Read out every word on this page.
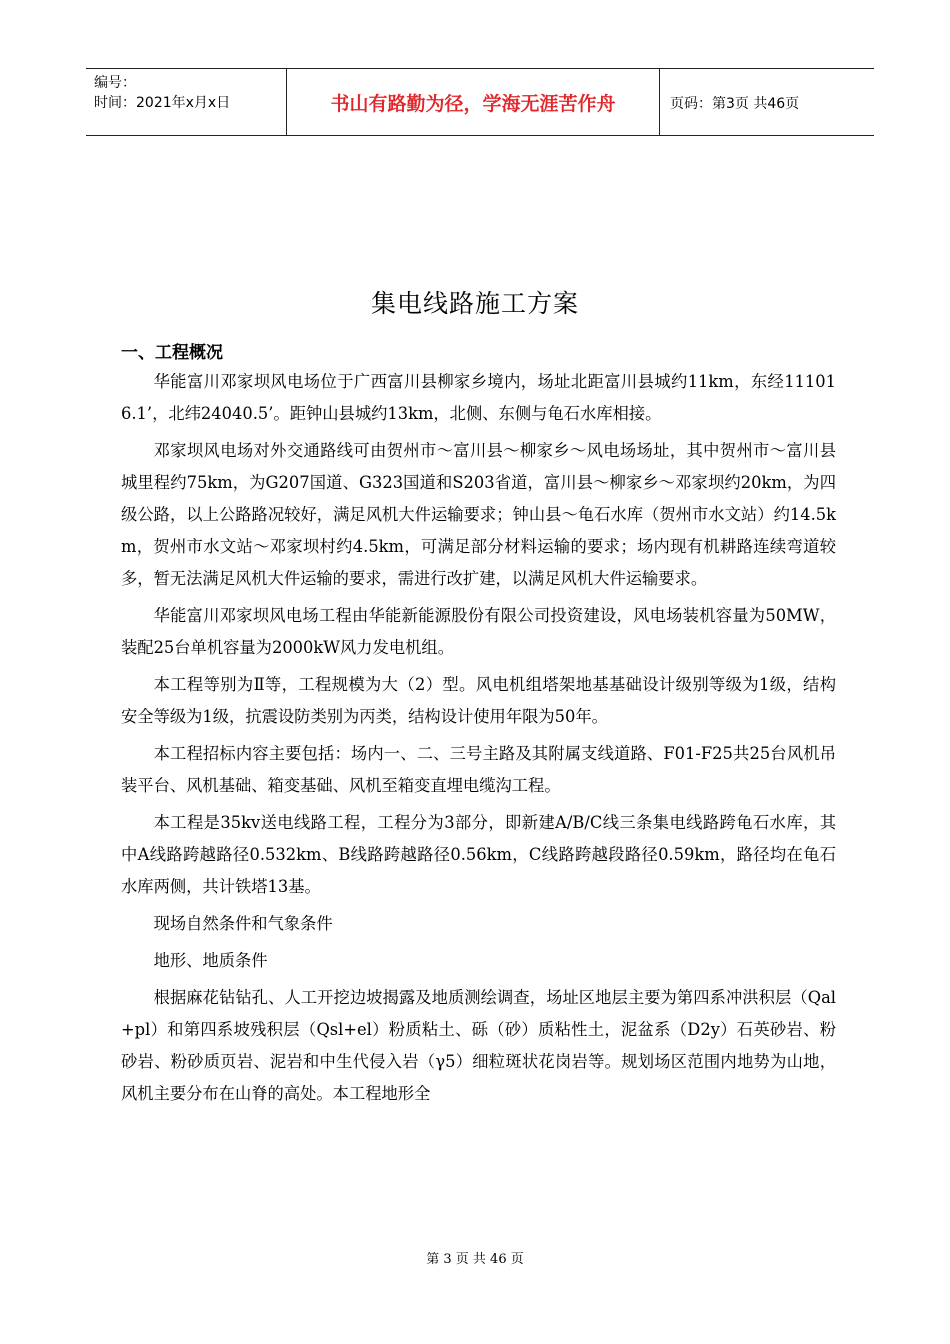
编号：
时间：2021年x月x日	书山有路勤为径，学海无涯苦作舟	页码：第3页 共46页
集电线路施工方案
一、工程概况

华能富川邓家坝风电场位于广西富川县柳家乡境内，场址北距富川县城约11km，东经111016.1’，北纬24040.5’。距钟山县城约13km，北侧、东侧与龟石水库相接。

邓家坝风电场对外交通路线可由贺州市～富川县～柳家乡～风电场场址，其中贺州市～富川县城里程约75km，为G207国道、G323国道和S203省道，富川县～柳家乡～邓家坝约20km，为四级公路，以上公路路况较好，满足风机大件运输要求；钟山县～龟石水库（贺州市水文站）约14.5km，贺州市水文站～邓家坝村约4.5km，可满足部分材料运输的要求；场内现有机耕路连续弯道较多，暂无法满足风机大件运输的要求，需进行改扩建，以满足风机大件运输要求。

华能富川邓家坝风电场工程由华能新能源股份有限公司投资建设，风电场装机容量为50MW，装配25台单机容量为2000kW风力发电机组。

本工程等别为Ⅱ等，工程规模为大（2）型。风电机组塔架地基基础设计级别等级为1级，结构安全等级为1级，抗震设防类别为丙类，结构设计使用年限为50年。

本工程招标内容主要包括：场内一、二、三号主路及其附属支线道路、F01-F25共25台风机吊装平台、风机基础、箱变基础、风机至箱变直埋电缆沟工程。

本工程是35kv送电线路工程，工程分为3部分，即新建A/B/C线三条集电线路跨龟石水库，其中A线路跨越路径0.532km、B线路跨越路径0.56km，C线路跨越段路径0.59km，路径均在龟石水库两侧，共计铁塔13基。

现场自然条件和气象条件

地形、地质条件

根据麻花钻钻孔、人工开挖边坡揭露及地质测绘调查，场址区地层主要为第四系冲洪积层（Qal+pl）和第四系坡残积层（Qsl+el）粉质粘土、砾（砂）质粘性土，泥盆系（D2y）石英砂岩、粉砂岩、粉砂质页岩、泥岩和中生代侵入岩（γ5）细粒斑状花岗岩等。规划场区范围内地势为山地，风机主要分布在山脊的高处。本工程地形全

第 3 页 共 46 页
